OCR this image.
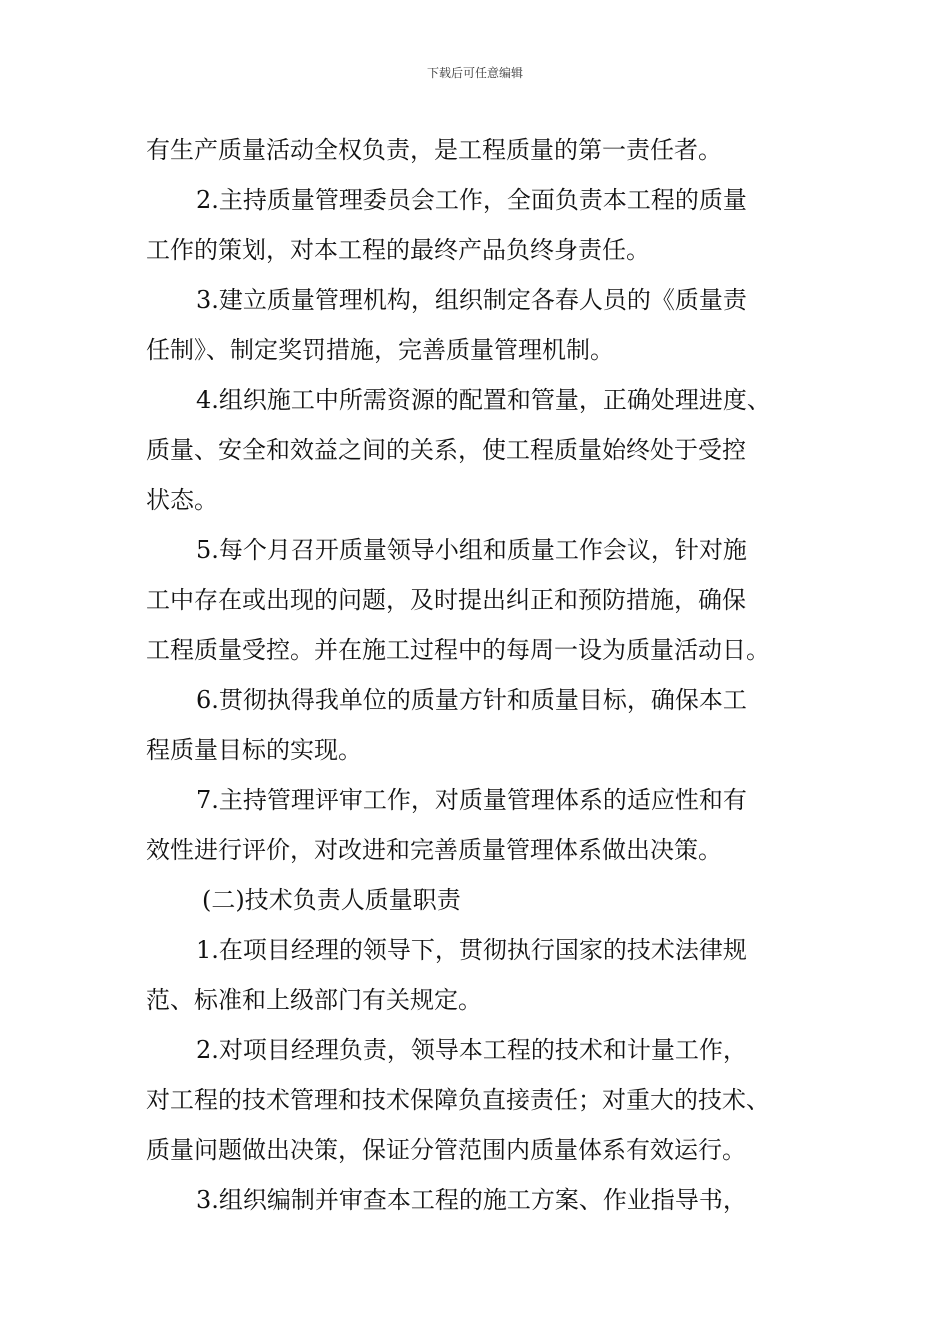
下载后可任意编辑
有生产质量活动全权负责，是工程质量的第一责任者。
2.主持质量管理委员会工作，全面负责本工程的质量
工作的策划，对本工程的最终产品负终身责任。
3.建立质量管理机构，组织制定各春人员的《质量责
任制》、制定奖罚措施，完善质量管理机制。
4.组织施工中所需资源的配置和管量，正确处理进度、
质量、安全和效益之间的关系，使工程质量始终处于受控
状态。
5.每个月召开质量领导小组和质量工作会议，针对施
工中存在或出现的问题，及时提出纠正和预防措施，确保
工程质量受控。并在施工过程中的每周一设为质量活动日。
6.贯彻执得我单位的质量方针和质量目标，确保本工
程质量目标的实现。
7.主持管理评审工作，对质量管理体系的适应性和有
效性进行评价，对改进和完善质量管理体系做出决策。
(二)技术负责人质量职责
1.在项目经理的领导下，贯彻执行国家的技术法律规
范、标准和上级部门有关规定。
2.对项目经理负责，领导本工程的技术和计量工作，
对工程的技术管理和技术保障负直接责任；对重大的技术、
质量问题做出决策，保证分管范围内质量体系有效运行。
3.组织编制并审查本工程的施工方案、作业指导书，
